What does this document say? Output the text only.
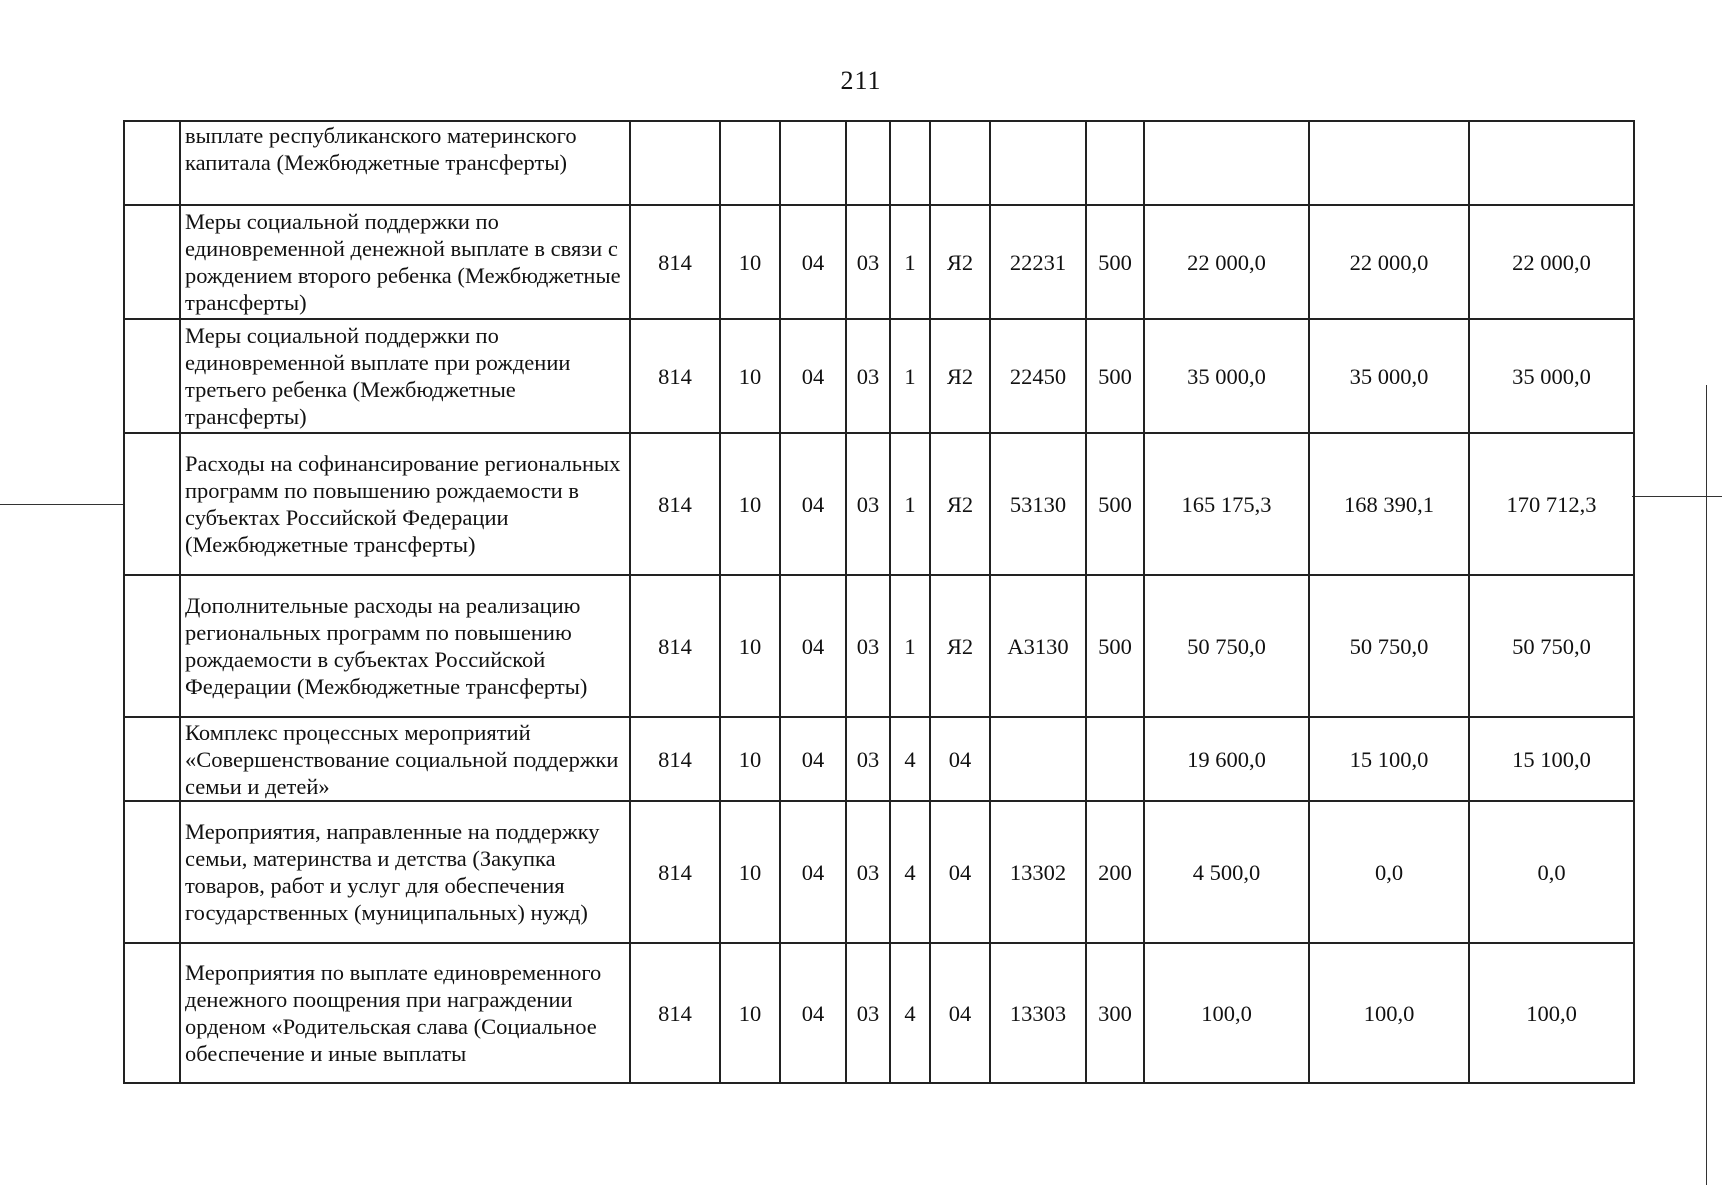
211
	выплате республиканского материнского капитала (Межбюджетные трансферты)											
	Меры социальной поддержки по единовременной денежной выплате в связи с рождением второго ребенка (Межбюджетные трансферты)	814	10	04	03	1	Я2	22231	500	22 000,0	22 000,0	22 000,0
	Меры социальной поддержки по единовременной выплате при рождении третьего ребенка (Межбюджетные трансферты)	814	10	04	03	1	Я2	22450	500	35 000,0	35 000,0	35 000,0
	Расходы на софинансирование региональных программ по повышению рождаемости в субъектах Российской Федерации (Межбюджетные трансферты)	814	10	04	03	1	Я2	53130	500	165 175,3	168 390,1	170 712,3
	Дополнительные расходы на реализацию региональных программ по повышению рождаемости в субъектах Российской Федерации (Межбюджетные трансферты)	814	10	04	03	1	Я2	А3130	500	50 750,0	50 750,0	50 750,0
	Комплекс процессных мероприятий «Совершенствование социальной поддержки семьи и детей»	814	10	04	03	4	04			19 600,0	15 100,0	15 100,0
	Мероприятия, направленные на поддержку семьи, материнства и детства (Закупка товаров, работ и услуг для обеспечения государственных (муниципальных) нужд)	814	10	04	03	4	04	13302	200	4 500,0	0,0	0,0
	Мероприятия по выплате единовременного денежного поощрения при награждении орденом «Родительская слава (Социальное обеспечение и иные выплаты	814	10	04	03	4	04	13303	300	100,0	100,0	100,0
